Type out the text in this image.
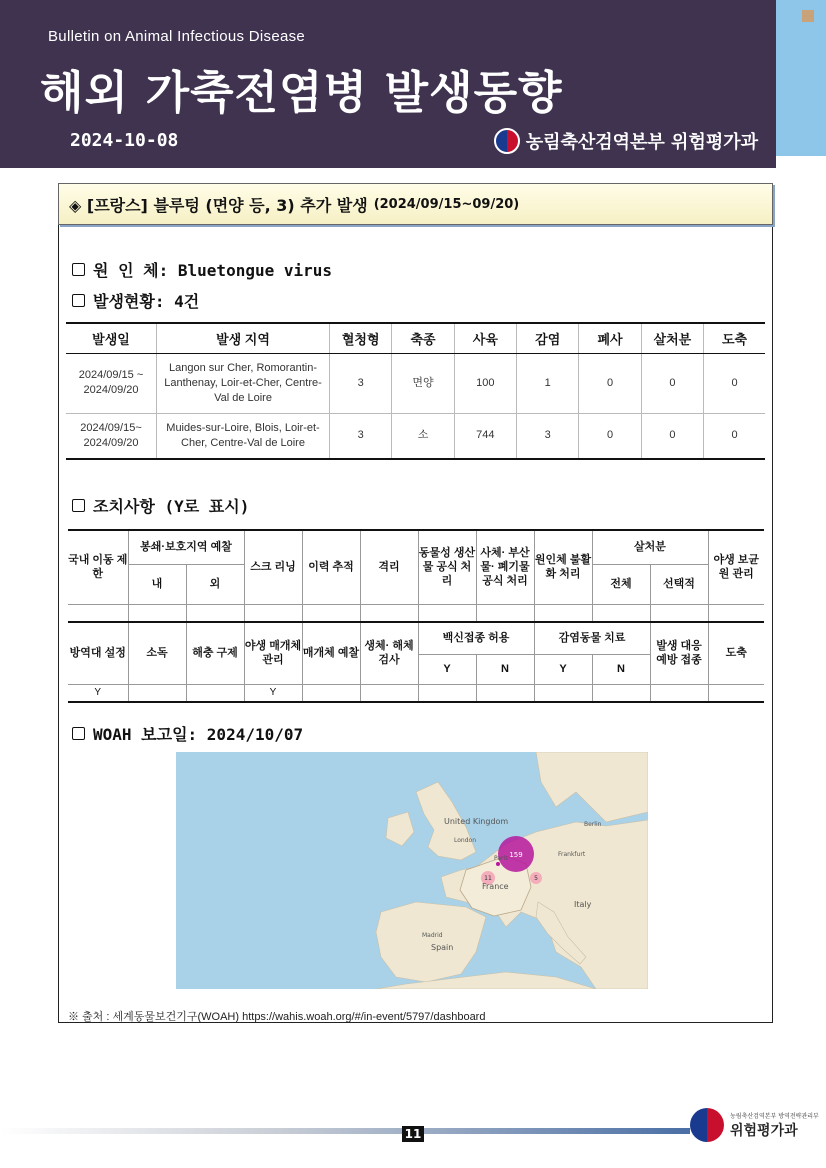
Bulletin on Animal Infectious Disease
해외 가축전염병 발생동향
2024-10-08	농림축산검역본부 위험평가과
◈ [프랑스] 블루텅 (면양 등, 3) 추가 발생 (2024/09/15~09/20)
원 인 체: Bluetongue virus
발생현황: 4건
발생일	발생 지역	혈청형	축종	사육	감염	폐사	살처분	도축
2024/09/15 ~ 2024/09/20	Langon sur Cher, Romorantin-Lanthenay, Loir-et-Cher, Centre-Val de Loire	3	면양	100	1	0	0	0
2024/09/15~ 2024/09/20	Muides-sur-Loire, Blois, Loir-et-Cher, Centre-Val de Loire	3	소	744	3	0	0	0
조치사항 (Y로 표시)
국내 이동 제한	봉쇄·보호지역 예찰		스크 리닝	이력 추적	격리	동물성 생산물 공식 처리	사체· 부산물· 폐기물 공식 처리	원인체 불활화 처리	살처분		야생 보균원 관리
	내	외							전체	선택적	

방역대 설정	소독	해충 구제	야생 매개체 관리	매개체 예찰	생체· 해체 검사	백신접종 허용		감염동물 치료		발생 대응 예방 접종	도축
						Y	N	Y	N		
Y			Y								
WOAH 보고일: 2024/10/07
159
11	5
United Kingdom
London
France
Paris
Spain
Madrid
Italy
Berlin
Frankfurt
※ 출처 : 세계동물보건기구(WOAH) https://wahis.woah.org/#/in-event/5797/dashboard
11
농림축산검역본부 방역전략관리부
위험평가과
